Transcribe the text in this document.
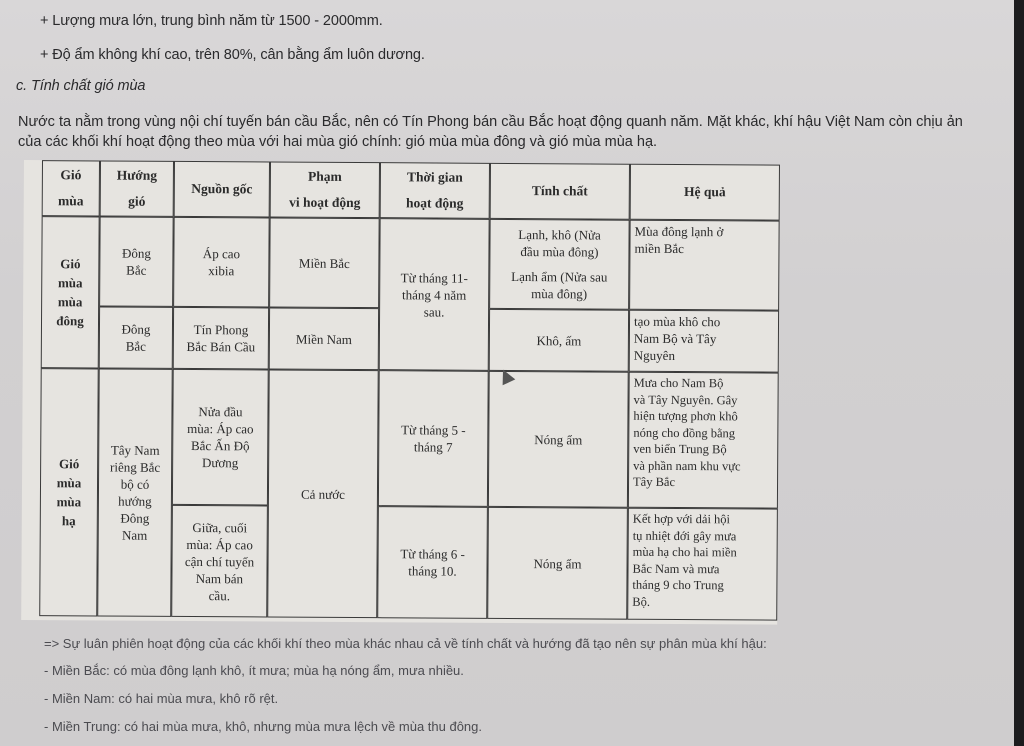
+ Lượng mưa lớn, trung bình năm từ 1500 - 2000mm.
+ Độ ẩm không khí cao, trên 80%, cân bằng ẩm luôn dương.
c. Tính chất gió mùa
Nước ta nằm trong vùng nội chí tuyến bán cầu Bắc, nên có Tín Phong bán cầu Bắc hoạt động quanh năm. Mặt khác, khí hậu Việt Nam còn chịu ản
của các khối khí hoạt động theo mùa với hai mùa gió chính: gió mùa mùa đông và gió mùa mùa hạ.
Gió
mùa
Hướng
gió
Nguồn gốc
Phạm
vi hoạt động
Thời gian
hoạt động
Tính chất	Hệ quả
Gió
mùa
mùa
đông
Đông
Bắc
Áp cao
xibia
Miền Bắc
Từ tháng 11-
tháng 4 năm
sau.
Lạnh, khô (Nửa
đầu mùa đông)
Lạnh ẩm (Nửa sau
mùa đông)
Mùa đông lạnh ở
miền Bắc
Đông
Bắc
Tín Phong
Bắc Bán Cầu
Miền Nam	Khô, ấm
tạo mùa khô cho
Nam Bộ và Tây
Nguyên
Gió
mùa
mùa
hạ
Tây Nam
riêng Bắc
bộ có
hướng
Đông
Nam
Nửa đầu
mùa: Áp cao
Bắc Ấn Độ
Dương
Cả nước
Từ tháng 5 -
tháng 7
Nóng ẩm
Mưa cho Nam Bộ
và Tây Nguyên. Gây
hiện tượng phơn khô
nóng cho đồng bằng
ven biển Trung Bộ
và phần nam khu vực
Tây Bắc
Giữa, cuối
mùa: Áp cao
cận chí tuyến
Nam bán
cầu.
Từ tháng 6 -
tháng 10.
Nóng ẩm
Kết hợp với dải hội
tụ nhiệt đới gây mưa
mùa hạ cho hai miền
Bắc Nam và mưa
tháng 9 cho Trung
Bộ.
=> Sự luân phiên hoạt động của các khối khí theo mùa khác nhau cả về tính chất và hướng đã tạo nên sự phân mùa khí hậu:
- Miền Bắc: có mùa đông lạnh khô, ít mưa; mùa hạ nóng ẩm, mưa nhiều.
- Miền Nam: có hai mùa mưa, khô rõ rệt.
- Miền Trung: có hai mùa mưa, khô, nhưng mùa mưa lệch về mùa thu đông.
